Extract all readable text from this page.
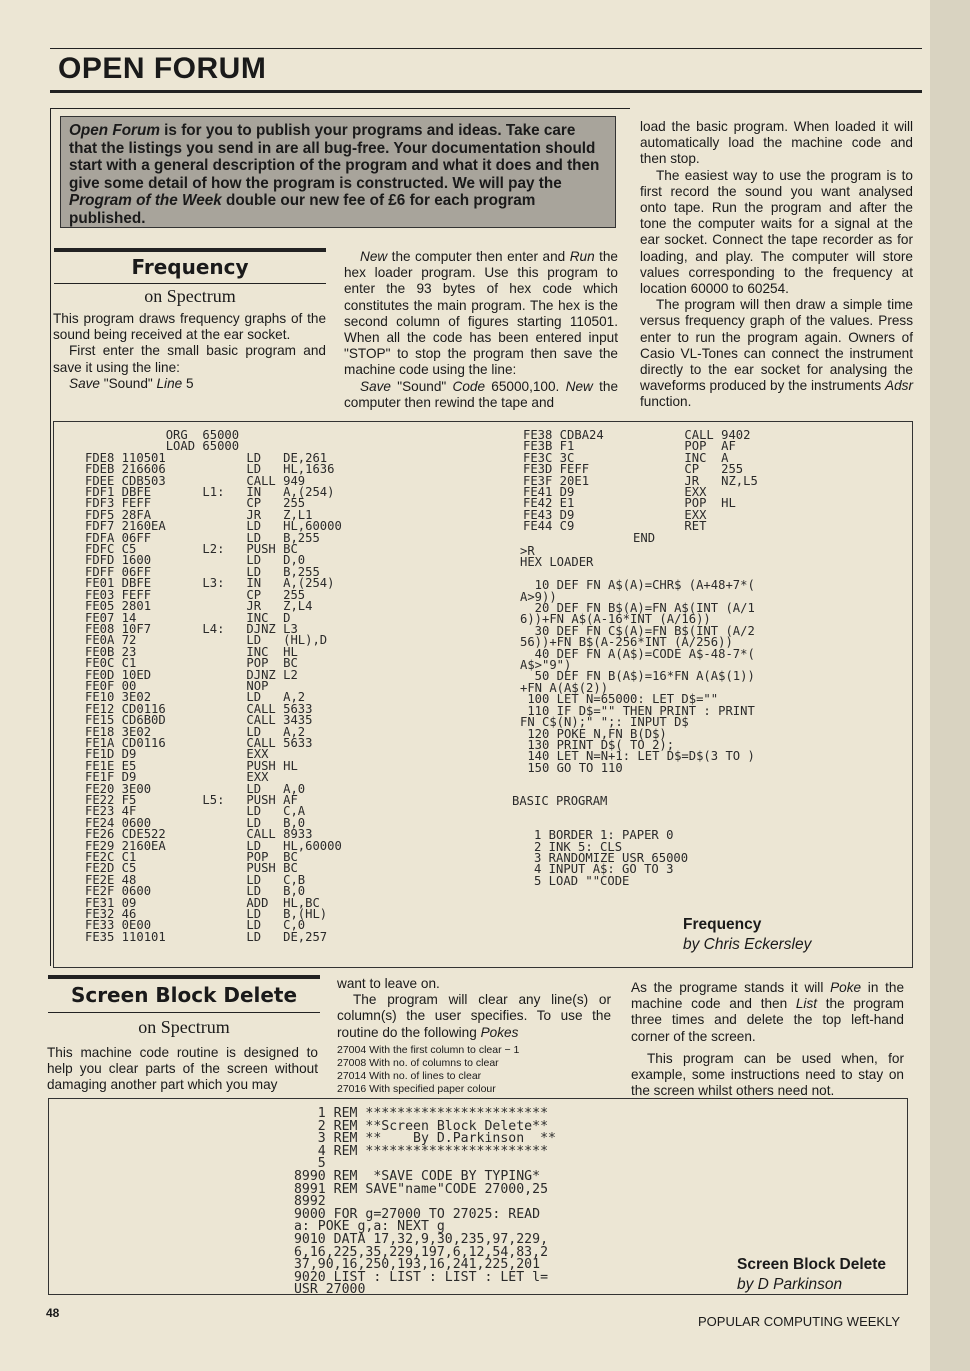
OPEN FORUM
Open Forum is for you to publish your programs and ideas. Take care that the listings you send in are all bug-free. Your documentation should start with a general description of the program and what it does and then give some detail of how the program is constructed. We will pay the Program of the Week double our new fee of £6 for each program published.

load the basic program. When loaded it will automatically load the machine code and then stop.

The easiest way to use the program is to first record the sound you want analysed onto tape. Run the program and after the tone the computer waits for a signal at the ear socket. Connect the tape recorder as for loading, and play. The computer will store values corresponding to the frequency at location 60000 to 60254.

The program will then draw a simple time versus frequency graph of the values. Press enter to run the program again. Owners of Casio VL-Tones can connect the instrument directly to the ear socket for analysing the waveforms produced by the instruments Adsr function.

Frequency
on Spectrum

This program draws frequency graphs of the sound being received at the ear socket.

First enter the small basic program and save it using the line:

Save "Sound" Line 5

New the computer then enter and Run the hex loader program. Use this program to enter the 93 bytes of hex code which constitutes the main program. The hex is the second column of figures starting 110501. When all the code has been entered input "STOP" to stop the program then save the machine code using the line:

Save "Sound" Code 65000,100. New the computer then rewind the tape and

ORG  65000
LOAD 65000
FDE8 110501           LD   DE,261
FDEB 216606           LD   HL,1636
FDEE CDB503           CALL 949
FDF1 DBFE       L1:   IN   A,(254)
FDF3 FEFF             CP   255
FDF5 28FA             JR   Z,L1
FDF7 2160EA           LD   HL,60000
FDFA 06FF             LD   B,255
FDFC C5         L2:   PUSH BC
FDFD 1600             LD   D,0
FDFF 06FF             LD   B,255
FE01 DBFE       L3:   IN   A,(254)
FE03 FEFF             CP   255
FE05 2801             JR   Z,L4
FE07 14               INC  D
FE08 10F7       L4:   DJNZ L3
FE0A 72               LD   (HL),D
FE0B 23               INC  HL
FE0C C1               POP  BC
FE0D 10ED             DJNZ L2
FE0F 00               NOP
FE10 3E02             LD   A,2
FE12 CD0116           CALL 5633
FE15 CD6B0D           CALL 3435
FE18 3E02             LD   A,2
FE1A CD0116           CALL 5633
FE1D D9               EXX
FE1E E5               PUSH HL
FE1F D9               EXX
FE20 3E00             LD   A,0
FE22 F5         L5:   PUSH AF
FE23 4F               LD   C,A
FE24 0600             LD   B,0
FE26 CDE522           CALL 8933
FE29 2160EA           LD   HL,60000
FE2C C1               POP  BC
FE2D C5               PUSH BC
FE2E 48               LD   C,B
FE2F 0600             LD   B,0
FE31 09               ADD  HL,BC
FE32 46               LD   B,(HL)
FE33 0E00             LD   C,0
FE35 110101           LD   DE,257
FE38 CDBA24           CALL 9402
FE3B F1               POP  AF
FE3C 3C               INC  A
FE3D FEFF             CP   255
FE3F 20E1             JR   NZ,L5
FE41 D9               EXX
FE42 E1               POP  HL
FE43 D9               EXX
FE44 C9               RET
END
>R
HEX LOADER

10 DEF FN A$(A)=CHR$ (A+48+7*(
A>9))
20 DEF FN B$(A)=FN A$(INT (A/1
6))+FN A$(A-16*INT (A/16))
30 DEF FN C$(A)=FN B$(INT (A/2
56))+FN B$(A-256*INT (A/256))
40 DEF FN A(A$)=CODE A$-48-7*(
A$>"9")
50 DEF FN B(A$)=16*FN A(A$(1))
+FN A(A$(2))
100 LET N=65000: LET D$=""
110 IF D$="" THEN PRINT : PRINT
FN C$(N);" ";: INPUT D$
120 POKE N,FN B(D$)
130 PRINT D$( TO 2);
140 LET N=N+1: LET D$=D$(3 TO )
150 GO TO 110
BASIC PROGRAM

1 BORDER 1: PAPER 0
2 INK 5: CLS
3 RANDOMIZE USR 65000
4 INPUT A$: GO TO 3
5 LOAD ""CODE
Frequency
by Chris Eckersley
Screen Block Delete
on Spectrum

This machine code routine is designed to help you clear parts of the screen without damaging another part which you may

want to leave on.

The program will clear any line(s) or column(s) the user specifies. To use the routine do the following Pokes

27004 With the first column to clear − 1
27008 With no. of columns to clear
27014 With no. of lines to clear
27016 With specified paper colour

As the programe stands it will Poke in the machine code and then List the program three times and delete the top left-hand corner of the screen.

This program can be used when, for example, some instructions need to stay on the screen whilst others need not.

1 REM ***********************
2 REM **Screen Block Delete**
3 REM **    By D.Parkinson  **
4 REM ***********************
5
8990 REM  *SAVE CODE BY TYPING*
8991 REM SAVE"name"CODE 27000,25
8992
9000 FOR g=27000 TO 27025: READ
a: POKE g,a: NEXT g
9010 DATA 17,32,9,30,235,97,229,
6,16,225,35,229,197,6,12,54,83,2
37,90,16,250,193,16,241,225,201
9020 LIST : LIST : LIST : LET l=
USR 27000
Screen Block Delete
by D Parkinson
48
POPULAR COMPUTING WEEKLY
